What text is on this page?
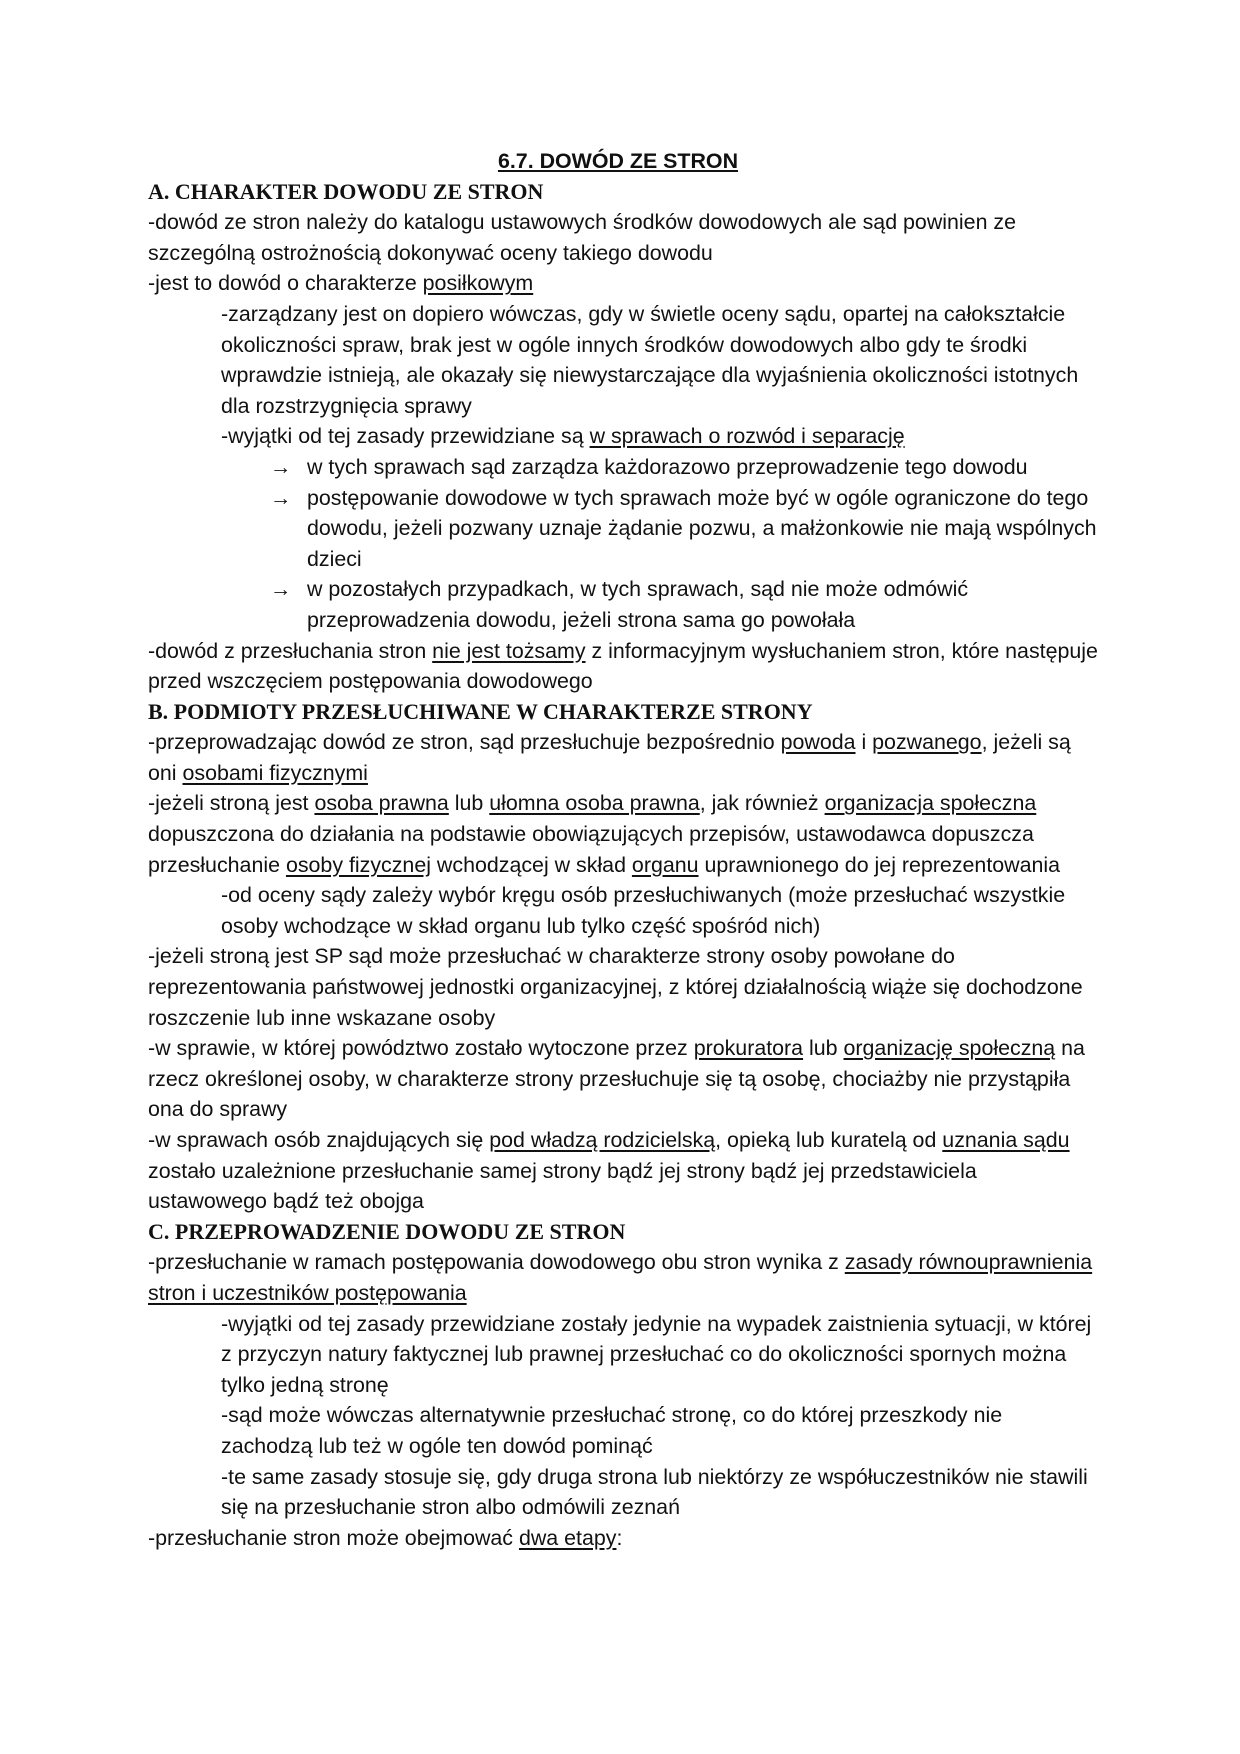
6.7. DOWÓD ZE STRON
A. CHARAKTER DOWODU ZE STRON

-dowód ze stron należy do katalogu ustawowych środków dowodowych ale sąd powinien ze szczególną ostrożnością dokonywać oceny takiego dowodu

-jest to dowód o charakterze posiłkowym

-zarządzany jest on dopiero wówczas, gdy w świetle oceny sądu, opartej na całokształcie okoliczności spraw, brak jest w ogóle innych środków dowodowych albo gdy te środki wprawdzie istnieją, ale okazały się niewystarczające dla wyjaśnienia okoliczności istotnych dla rozstrzygnięcia sprawy

-wyjątki od tej zasady przewidziane są w sprawach o rozwód i separację

→ w tych sprawach sąd zarządza każdorazowo przeprowadzenie tego dowodu
→ postępowanie dowodowe w tych sprawach może być w ogóle ograniczone do tego dowodu, jeżeli pozwany uznaje żądanie pozwu, a małżonkowie nie mają wspólnych dzieci
→ w pozostałych przypadkach, w tych sprawach, sąd nie może odmówić przeprowadzenia dowodu, jeżeli strona sama go powołała

-dowód z przesłuchania stron nie jest tożsamy z informacyjnym wysłuchaniem stron, które następuje przed wszczęciem postępowania dowodowego

B. PODMIOTY PRZESŁUCHIWANE W CHARAKTERZE STRONY

-przeprowadzając dowód ze stron, sąd przesłuchuje bezpośrednio powoda i pozwanego, jeżeli są oni osobami fizycznymi

-jeżeli stroną jest osoba prawna lub ułomna osoba prawna, jak również organizacja społeczna dopuszczona do działania na podstawie obowiązujących przepisów, ustawodawca dopuszcza przesłuchanie osoby fizycznej wchodzącej w skład organu uprawnionego do jej reprezentowania

-od oceny sądy zależy wybór kręgu osób przesłuchiwanych (może przesłuchać wszystkie osoby wchodzące w skład organu lub tylko część spośród nich)

-jeżeli stroną jest SP sąd może przesłuchać w charakterze strony osoby powołane do reprezentowania państwowej jednostki organizacyjnej, z której działalnością wiąże się dochodzone roszczenie lub inne wskazane osoby

-w sprawie, w której powództwo zostało wytoczone przez prokuratora lub organizację społeczną na rzecz określonej osoby, w charakterze strony przesłuchuje się tą osobę, chociażby nie przystąpiła ona do sprawy

-w sprawach osób znajdujących się pod władzą rodzicielską, opieką lub kuratelą od uznania sądu zostało uzależnione przesłuchanie samej strony bądź jej strony bądź jej przedstawiciela ustawowego bądź też obojga

C. PRZEPROWADZENIE DOWODU ZE STRON

-przesłuchanie w ramach postępowania dowodowego obu stron wynika z zasady równouprawnienia stron i uczestników postępowania

-wyjątki od tej zasady przewidziane zostały jedynie na wypadek zaistnienia sytuacji, w której z przyczyn natury faktycznej lub prawnej przesłuchać co do okoliczności spornych można tylko jedną stronę

-sąd może wówczas alternatywnie przesłuchać stronę, co do której przeszkody nie zachodzą lub też w ogóle ten dowód pominąć

-te same zasady stosuje się, gdy druga strona lub niektórzy ze współuczestników nie stawili się na przesłuchanie stron albo odmówili zeznań

-przesłuchanie stron może obejmować dwa etapy:
